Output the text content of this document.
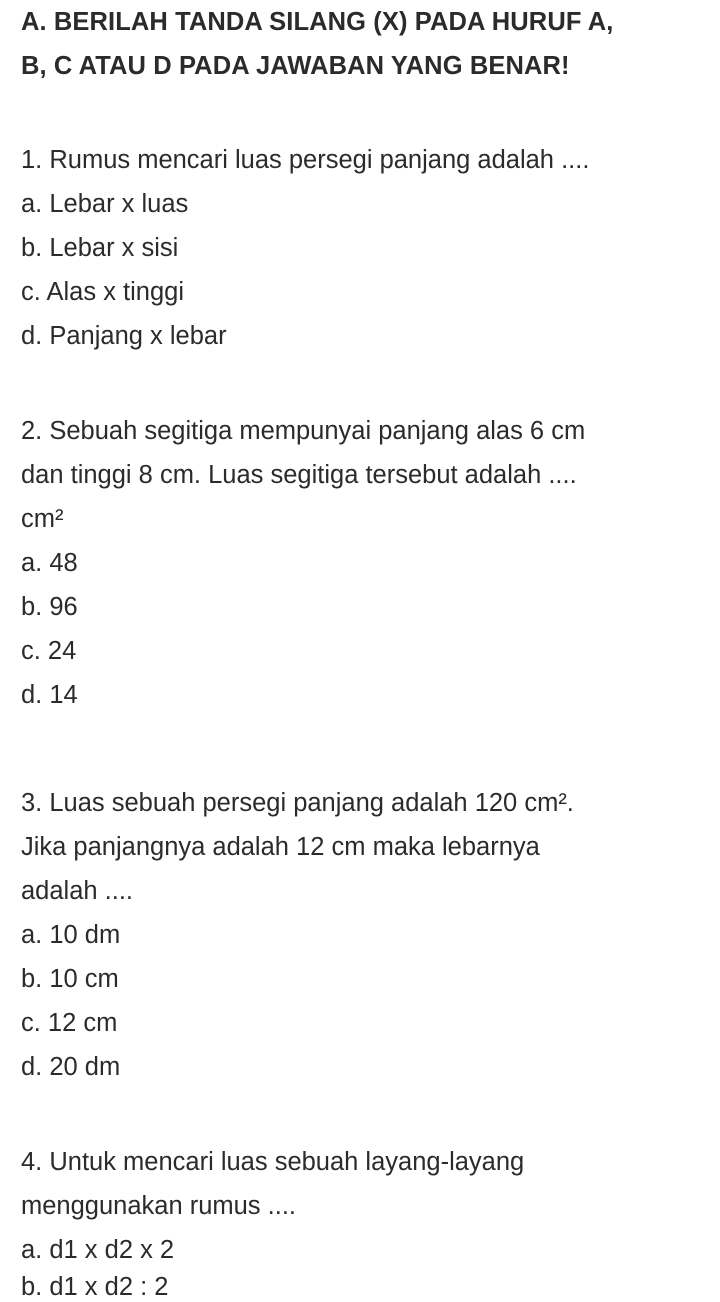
A. BERILAH TANDA SILANG (X) PADA HURUF A,
B, C ATAU D PADA JAWABAN YANG BENAR!
1. Rumus mencari luas persegi panjang adalah ....
a. Lebar x luas
b. Lebar x sisi
c. Alas x tinggi
d. Panjang x lebar
2. Sebuah segitiga mempunyai panjang alas 6 cm
dan tinggi 8 cm. Luas segitiga tersebut adalah ....
cm²
a. 48
b. 96
c. 24
d. 14
3. Luas sebuah persegi panjang adalah 120 cm².
Jika panjangnya adalah 12 cm maka lebarnya
adalah ....
a. 10 dm
b. 10 cm
c. 12 cm
d. 20 dm
4. Untuk mencari luas sebuah layang-layang
menggunakan rumus ....
a. d1 x d2 x 2
b. d1 x d2 : 2
